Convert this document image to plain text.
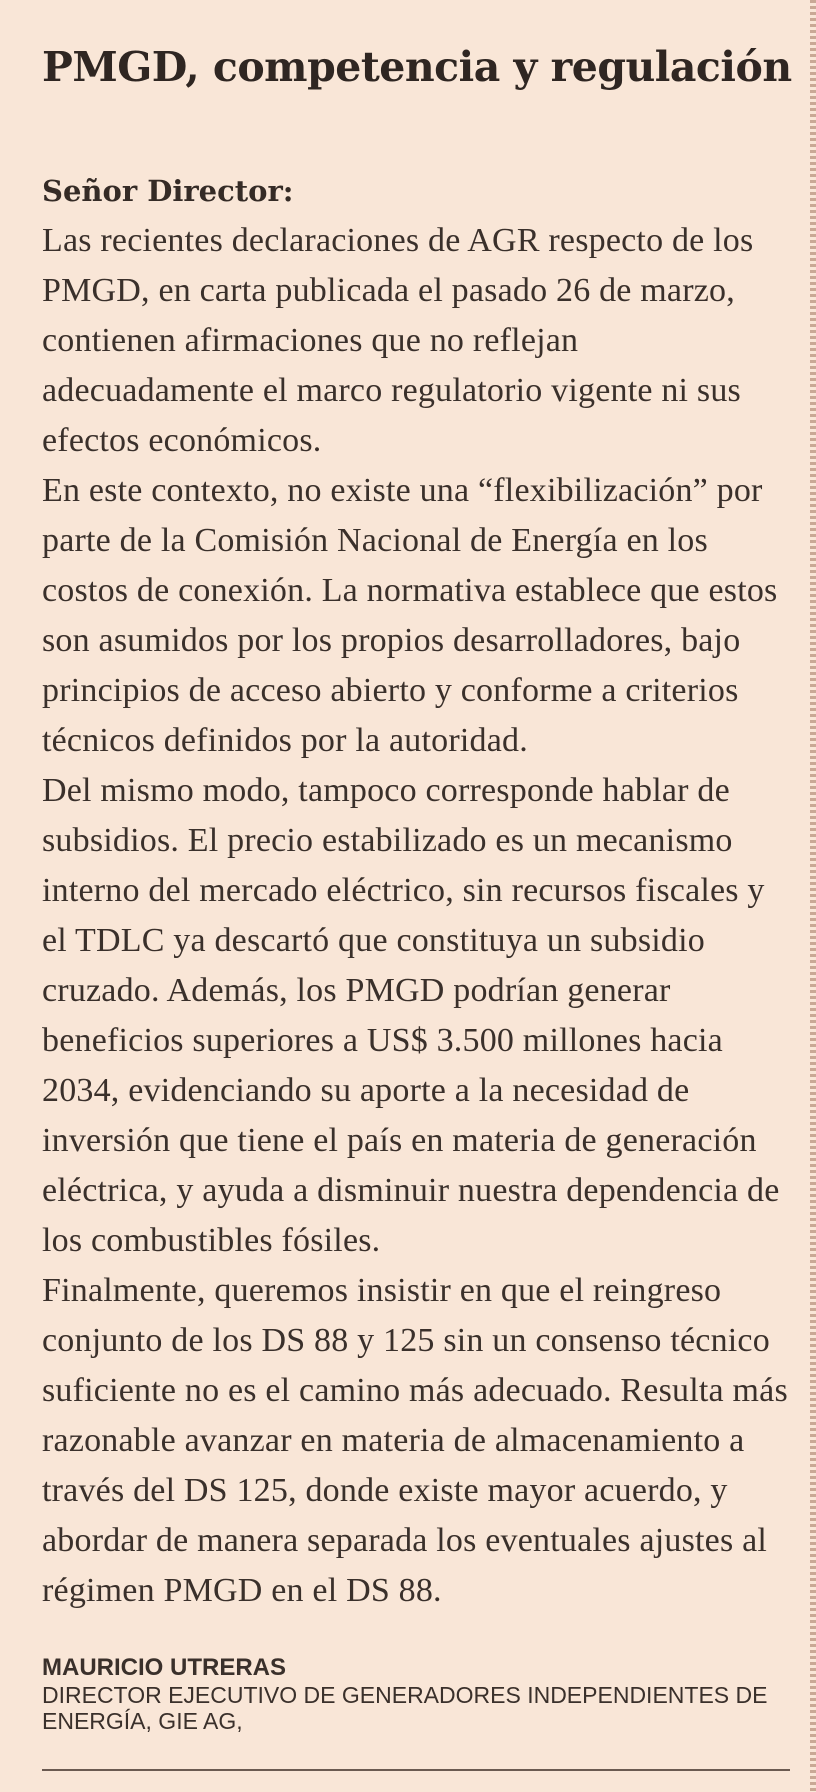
PMGD, competencia y regulación

Señor Director:

Las recientes declaraciones de AGR respecto de los PMGD, en carta publicada el pasado 26 de marzo, contienen afirmaciones que no reflejan adecuadamente el marco regulatorio vigente ni sus efectos económicos.

En este contexto, no existe una “flexibilización” por parte de la Comisión Nacional de Energía en los costos de conexión. La normativa establece que estos son asumidos por los propios desarrolladores, bajo principios de acceso abierto y conforme a criterios técnicos definidos por la autoridad.

Del mismo modo, tampoco corresponde hablar de subsidios. El precio estabilizado es un mecanismo interno del mercado eléctrico, sin recursos fiscales y el TDLC ya descartó que constituya un subsidio cruzado. Además, los PMGD podrían generar beneficios superiores a US$ 3.500 millones hacia 2034, evidenciando su aporte a la necesidad de inversión que tiene el país en materia de generación eléctrica, y ayuda a disminuir nuestra dependencia de los combustibles fósiles.

Finalmente, queremos insistir en que el reingreso conjunto de los DS 88 y 125 sin un consenso técnico suficiente no es el camino más adecuado. Resulta más razonable avanzar en materia de almacenamiento a través del DS 125, donde existe mayor acuerdo, y abordar de manera separada los eventuales ajustes al régimen PMGD en el DS 88.

MAURICIO UTRERAS

DIRECTOR EJECUTIVO DE GENERADORES INDEPENDIENTES DE ENERGÍA, GIE AG,
